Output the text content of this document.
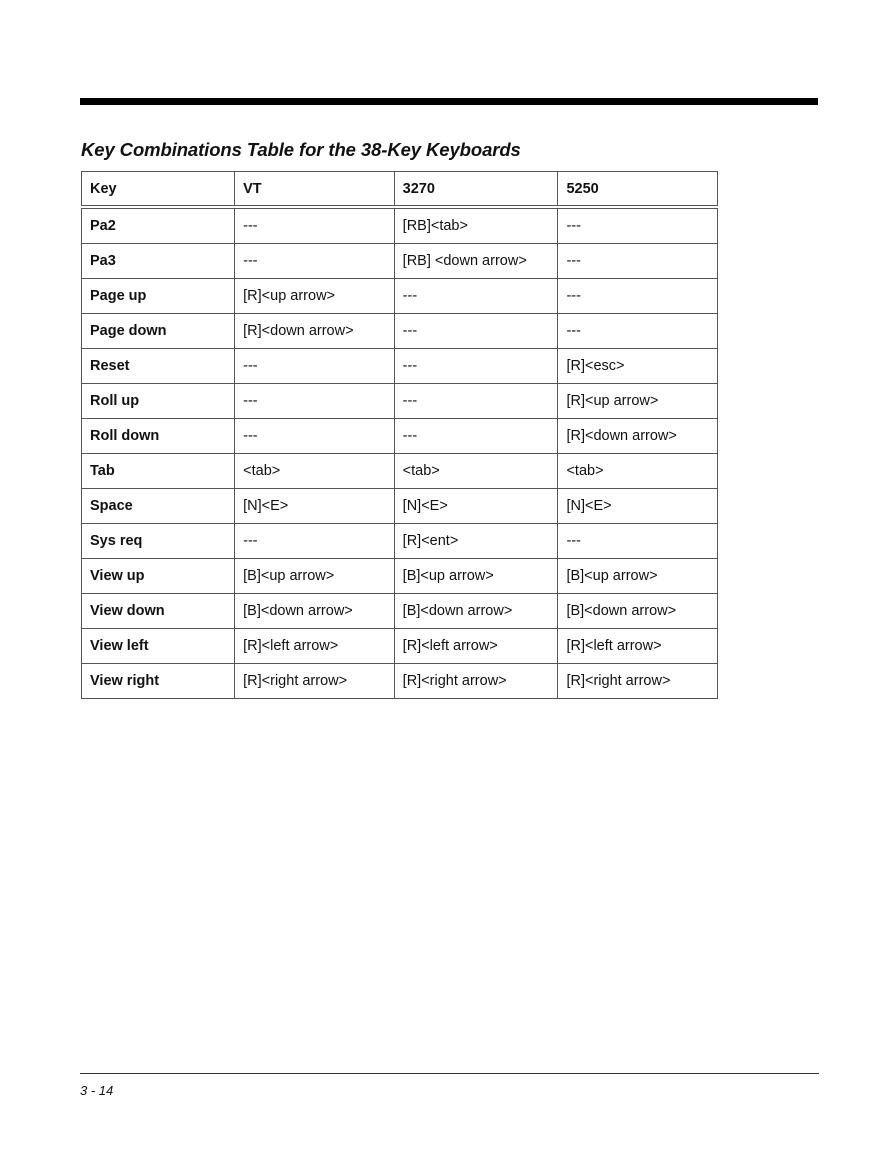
Key Combinations Table for the 38-Key Keyboards
Key	VT	3270	5250
Pa2	---	[RB]<tab>	---
Pa3	---	[RB] <down arrow>	---
Page up	[R]<up arrow>	---	---
Page down	[R]<down arrow>	---	---
Reset	---	---	[R]<esc>
Roll up	---	---	[R]<up arrow>
Roll down	---	---	[R]<down arrow>
Tab	<tab>	<tab>	<tab>
Space	[N]<E>	[N]<E>	[N]<E>
Sys req	---	[R]<ent>	---
View up	[B]<up arrow>	[B]<up arrow>	[B]<up arrow>
View down	[B]<down arrow>	[B]<down arrow>	[B]<down arrow>
View left	[R]<left arrow>	[R]<left arrow>	[R]<left arrow>
View right	[R]<right arrow>	[R]<right arrow>	[R]<right arrow>
3 - 14
